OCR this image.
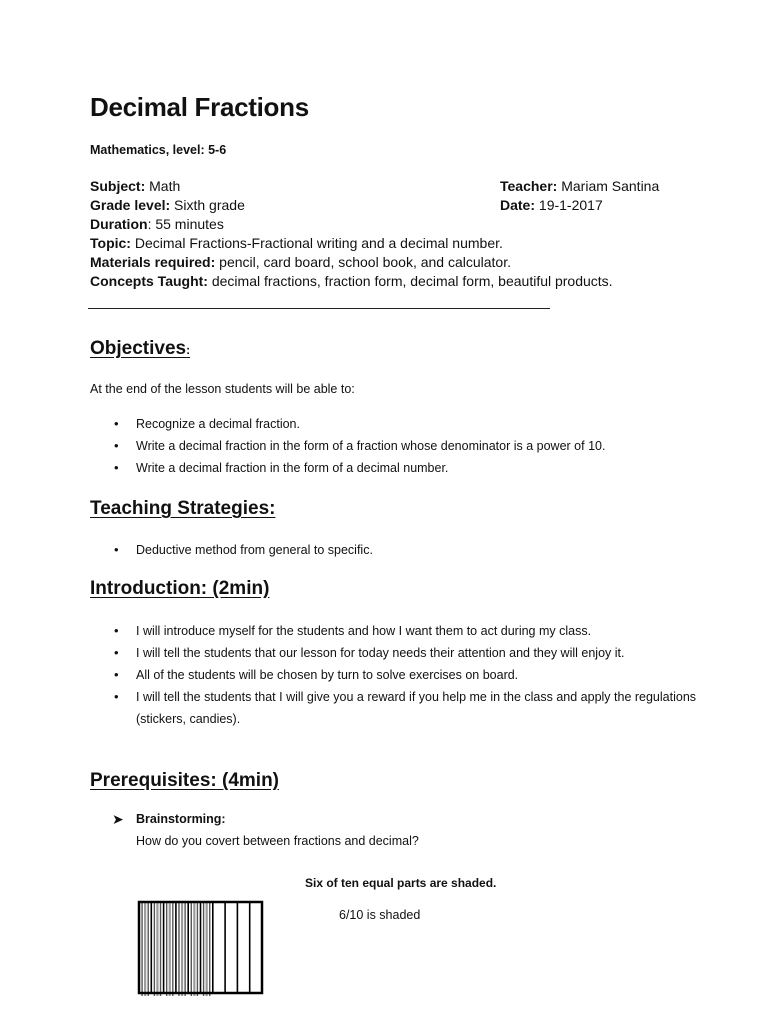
Decimal Fractions
Mathematics, level: 5-6
Subject: Math	Teacher: Mariam Santina
Grade level: Sixth grade	Date: 19-1-2017
Duration: 55 minutes
Topic: Decimal Fractions-Fractional writing and a decimal number.
Materials required: pencil, card board, school book, and calculator.
Concepts Taught: decimal fractions, fraction form, decimal form, beautiful products.
Objectives:
At the end of the lesson students will be able to:
• Recognize a decimal fraction.
• Write a decimal fraction in the form of a fraction whose denominator is a power of 10.
• Write a decimal fraction in the form of a decimal number.
Teaching Strategies:
• Deductive method from general to specific.
Introduction: (2min)
• I will introduce myself for the students and how I want them to act during my class.
• I will tell the students that our lesson for today needs their attention and they will enjoy it.
• All of the students will be chosen by turn to solve exercises on board.
• I will tell the students that I will give you a reward if you help me in the class and apply the regulations (stickers, candies).
Prerequisites: (4min)
➤ Brainstorming:
How do you covert between fractions and decimal?
Six of ten equal parts are shaded.
6/10 is shaded
